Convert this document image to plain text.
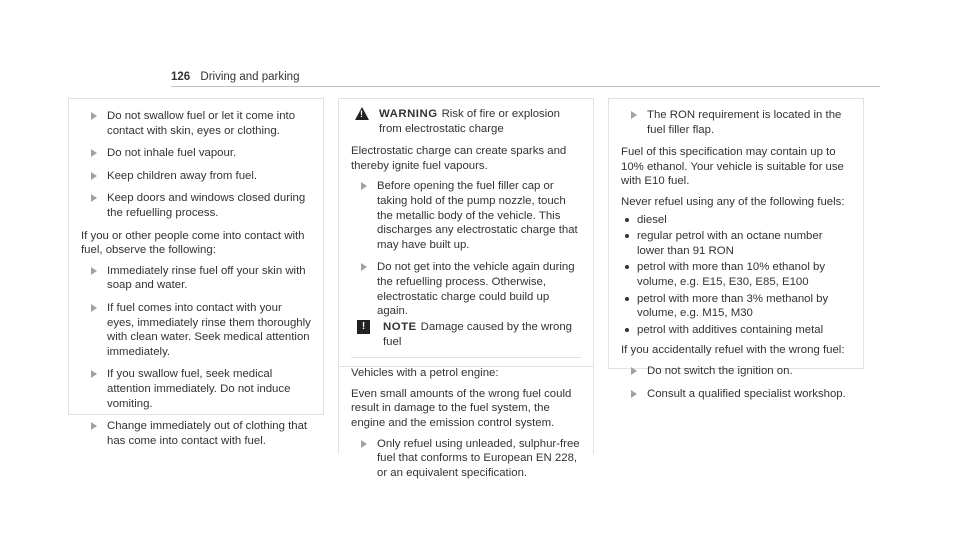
126 Driving and parking
Do not swallow fuel or let it come into contact with skin, eyes or clothing.
Do not inhale fuel vapour.
Keep children away from fuel.
Keep doors and windows closed during the refuelling process.
If you or other people come into contact with fuel, observe the following:
Immediately rinse fuel off your skin with soap and water.
If fuel comes into contact with your eyes, immediately rinse them thoroughly with clean water. Seek medical attention immediately.
If you swallow fuel, seek medical attention immediately. Do not induce vomiting.
Change immediately out of clothing that has come into contact with fuel.
!
WARNING Risk of fire or explosion from electrostatic charge
Electrostatic charge can create sparks and thereby ignite fuel vapours.
Before opening the fuel filler cap or taking hold of the pump nozzle, touch the metallic body of the vehicle. This discharges any electrostatic charge that may have built up.
Do not get into the vehicle again during the refuelling process. Otherwise, electrostatic charge could build up again.
!	NOTE Damage caused by the wrong fuel
Vehicles with a petrol engine:
Even small amounts of the wrong fuel could result in damage to the fuel system, the engine and the emission control system.
Only refuel using unleaded, sulphur-free fuel that conforms to European EN 228, or an equivalent specification.
The RON requirement is located in the fuel filler flap.
Fuel of this specification may contain up to 10% ethanol. Your vehicle is suitable for use with E10 fuel.
Never refuel using any of the following fuels:
diesel
regular petrol with an octane number lower than 91 RON
petrol with more than 10% ethanol by volume, e.g. E15, E30, E85, E100
petrol with more than 3% methanol by volume, e.g. M15, M30
petrol with additives containing metal
If you accidentally refuel with the wrong fuel:
Do not switch the ignition on.
Consult a qualified specialist workshop.
